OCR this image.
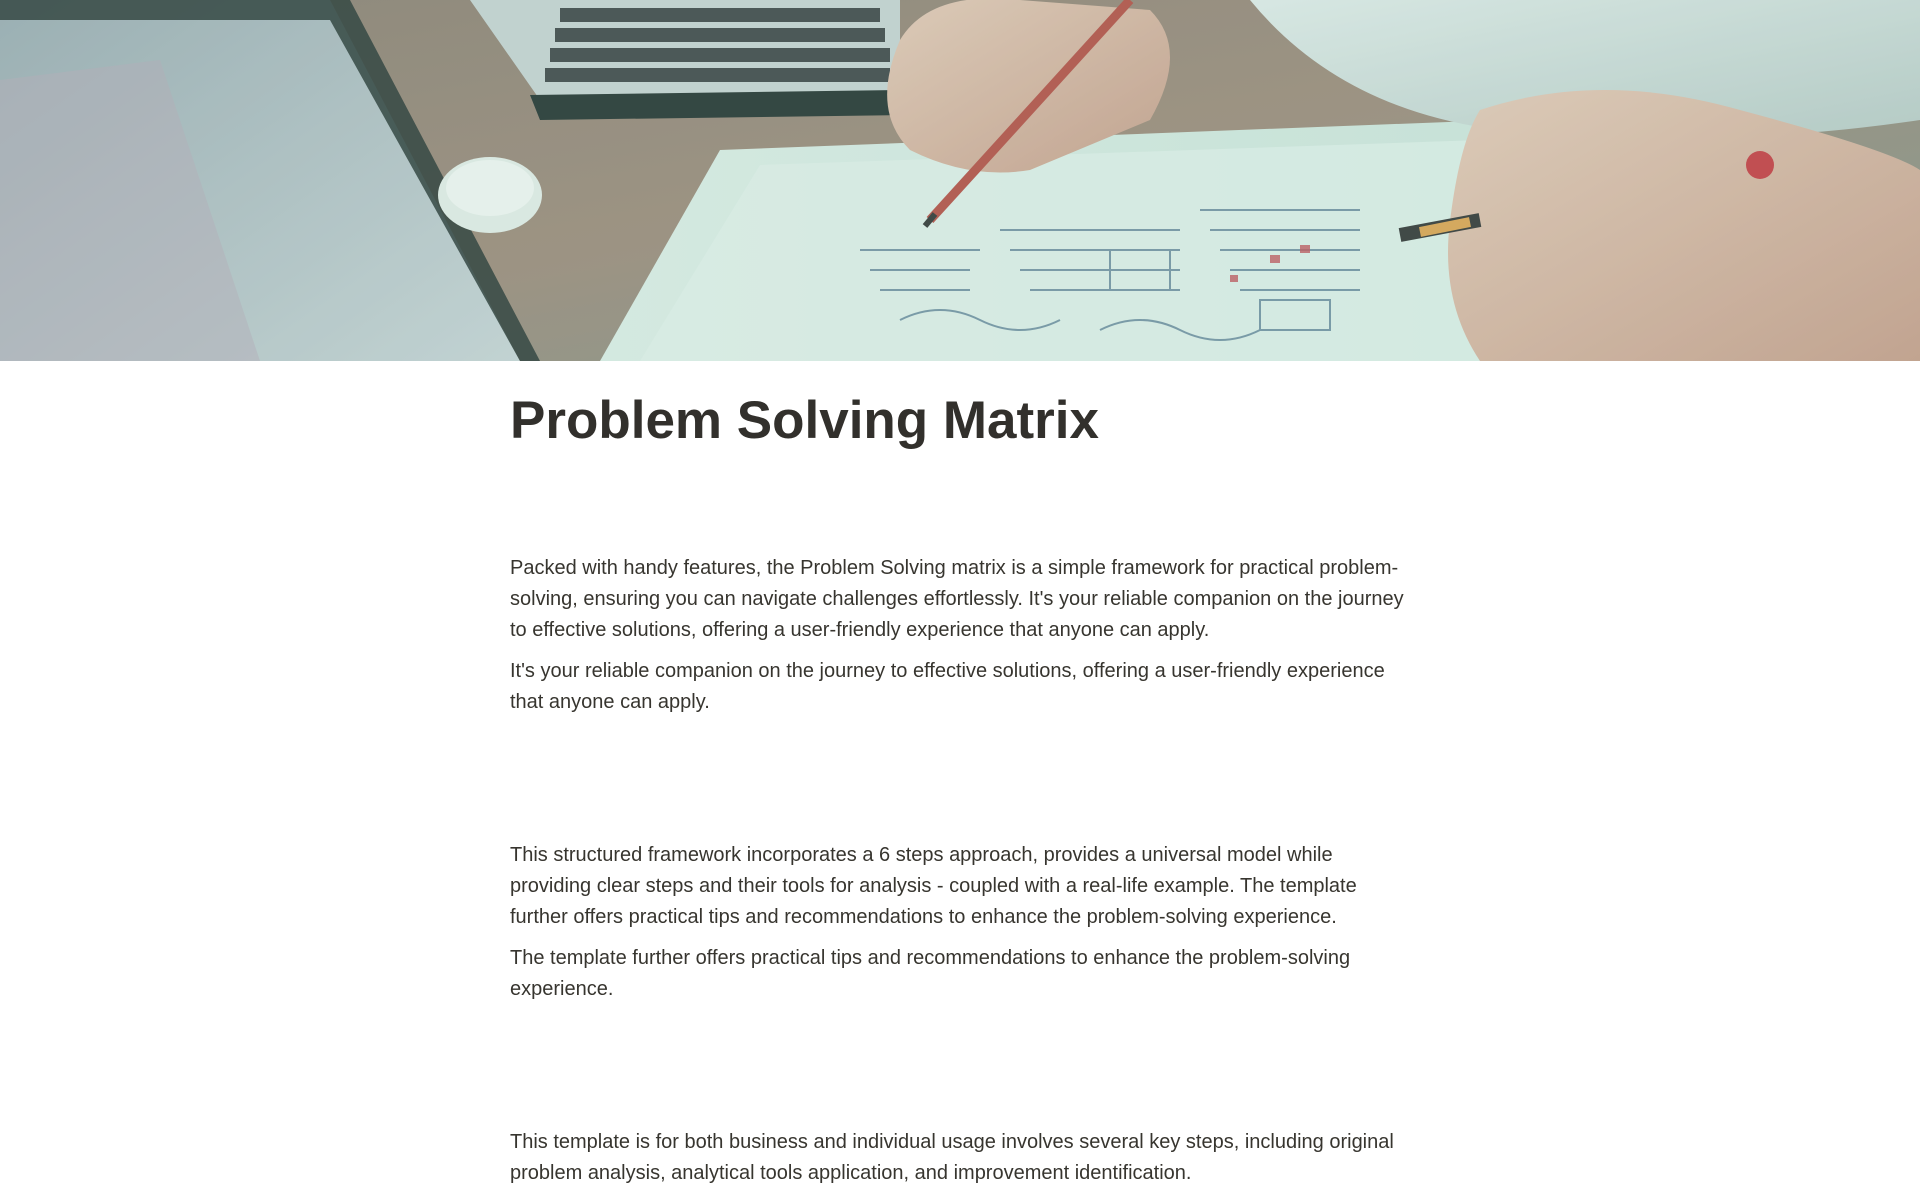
Problem Solving Matrix

Packed with handy features, the Problem Solving matrix is a simple framework for practical problem-solving, ensuring you can navigate challenges effortlessly. It's your reliable companion on the journey to effective solutions, offering a user-friendly experience that anyone can apply.

It's your reliable companion on the journey to effective solutions, offering a user-friendly experience that anyone can apply.

This structured framework incorporates a 6 steps approach, provides a universal model while providing clear steps and their tools for analysis - coupled with a real-life example. The template further offers practical tips and recommendations to enhance the problem-solving experience.

The template further offers practical tips and recommendations to enhance the problem-solving experience.

This template is for both business and individual usage involves several key steps, including original problem analysis, analytical tools application, and improvement identification.
